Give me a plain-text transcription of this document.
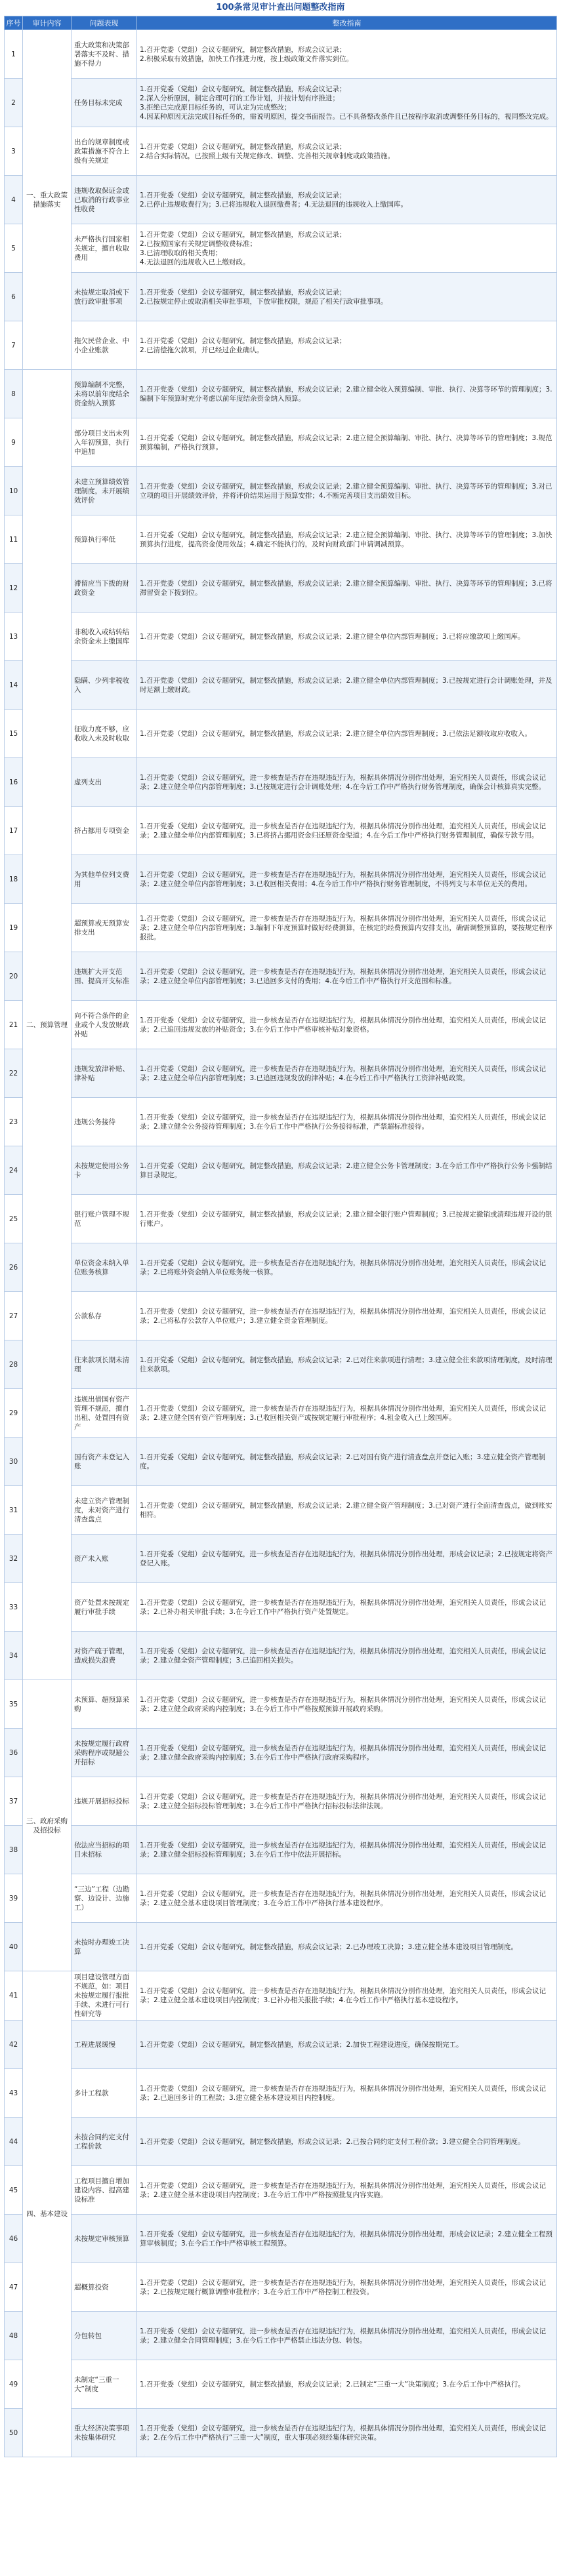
100条常见审计查出问题整改指南
序号	审计内容	问题表现	整改指南
1	一、重大政策措施落实	重大政策和决策部署落实不及时、措施不得力	1.召开党委（党组）会议专题研究，制定整改措施，形成会议记录；
2.积极采取有效措施，加快工作推进力度，按上级政策文件落实到位。
2		任务目标未完成	1.召开党委（党组）会议专题研究，制定整改措施，形成会议记录；
2.深入分析原因，制定合理可行的工作计划，并按计划有序推进；
3.拒绝已完成原目标任务的，可认定为完成整改；
4.因某种原因无法完成目标任务的，需说明原因，提交书面报告。已不具备整改条件且已按程序取消或调整任务目标的，视同整改完成。
3		出台的规章制度或政策措施不符合上级有关规定	1.召开党委（党组）会议专题研究，制定整改措施，形成会议记录；
2.结合实际情况，已按照上级有关规定修改、调整、完善相关规章制度或政策措施。
4		违规收取保证金或已取消的行政事业性收费	1.召开党委（党组）会议专题研究，制定整改措施，形成会议记录；
2.已停止违规收费行为；3.已将违规收入退回缴费者；4.无法退回的违规收入上缴国库。
5		未严格执行国家相关规定，擅自收取费用	1.召开党委（党组）会议专题研究，制定整改措施，形成会议记录；
2.已按照国家有关规定调整收费标准；
3.已清理收取的相关费用；
4.无法退回的违规收入已上缴财政。
6		未按规定取消或下放行政审批事项	1.召开党委（党组）会议专题研究，制定整改措施，形成会议记录；
2.已按规定停止或取消相关审批事项，下放审批权限，规范了相关行政审批事项。
7		拖欠民营企业、中小企业账款	1.召开党委（党组）会议专题研究，制定整改措施，形成会议记录；
2.已清偿拖欠款项，并已经过企业确认。
8	二、预算管理	预算编制不完整，未将以前年度结余资金纳入预算	1.召开党委（党组）会议专题研究，制定整改措施，形成会议记录；2.建立健全收入预算编制、审批、执行、决算等环节的管理制度；3.编制下年预算时充分考虑以前年度结余资金纳入预算。
9		部分项目支出未列入年初预算，执行中追加	1.召开党委（党组）会议专题研究，制定整改措施，形成会议记录；2.建立健全预算编制、审批、执行、决算等环节的管理制度；3.规范预算编制，严格执行预算。
10		未建立预算绩效管理制度，未开展绩效评价	1.召开党委（党组）会议专题研究，制定整改措施，形成会议记录；2.建立健全预算编制、审批、执行、决算等环节的管理制度；3.对已立项的项目开展绩效评价，并将评价结果运用于预算安排；4.不断完善项目支出绩效目标。
11		预算执行率低	1.召开党委（党组）会议专题研究，制定整改措施，形成会议记录；2.建立健全预算编制、审批、执行、决算等环节的管理制度；3.加快预算执行进度，提高资金使用效益；4.确定不能执行的，及时向财政部门申请调减预算。
12		滞留应当下拨的财政资金	1.召开党委（党组）会议专题研究，制定整改措施，形成会议记录；2.建立健全预算编制、审批、执行、决算等环节的管理制度；3.已将滞留资金下拨到位。
13		非税收入或结转结余资金未上缴国库	1.召开党委（党组）会议专题研究，制定整改措施，形成会议记录；2.建立健全单位内部管理制度；3.已将应缴款项上缴国库。
14		隐瞒、少列非税收入	1.召开党委（党组）会议专题研究，制定整改措施，形成会议记录；2.建立健全单位内部管理制度；3.已按规定进行会计调账处理，并及时足额上缴财政。
15		征收力度不够，应收收入未及时收取	1.召开党委（党组）会议专题研究，制定整改措施，形成会议记录；2.建立健全单位内部管理制度；3.已依法足额收取应收收入。
16		虚列支出	1.召开党委（党组）会议专题研究，进一步核查是否存在违规违纪行为，根据具体情况分别作出处理，追究相关人员责任，形成会议记录；2.建立健全单位内部管理制度；3.已按规定进行会计调账处理；4.在今后工作中严格执行财务管理制度，确保会计核算真实完整。
17		挤占挪用专项资金	1.召开党委（党组）会议专题研究，进一步核查是否存在违规违纪行为，根据具体情况分别作出处理，追究相关人员责任，形成会议记录；2.建立健全单位内部管理制度；3.已将挤占挪用资金归还原资金渠道；4.在今后工作中严格执行财务管理制度，确保专款专用。
18		为其他单位列支费用	1.召开党委（党组）会议专题研究，进一步核查是否存在违规违纪行为，根据具体情况分别作出处理，追究相关人员责任，形成会议记录；2.建立健全单位内部管理制度；3.已收回相关费用；4.在今后工作中严格执行财务管理制度，不得列支与本单位无关的费用。
19		超预算或无预算安排支出	1.召开党委（党组）会议专题研究，进一步核查是否存在违规违纪行为，根据具体情况分别作出处理，追究相关人员责任，形成会议记录；2.建立健全单位内部管理制度；3.编制下年度预算时做好经费测算，在核定的经费预算内安排支出，确需调整预算的，要按规定程序报批。
20		违规扩大开支范围、提高开支标准	1.召开党委（党组）会议专题研究，进一步核查是否存在违规违纪行为，根据具体情况分别作出处理，追究相关人员责任，形成会议记录；2.建立健全单位内部管理制度；3.已追回多支付的费用；4.在今后工作中严格执行开支范围和标准。
21		向不符合条件的企业或个人发放财政补贴	1.召开党委（党组）会议专题研究，进一步核查是否存在违规违纪行为，根据具体情况分别作出处理，追究相关人员责任，形成会议记录；2.已追回违规发放的补贴资金；3.在今后工作中严格审核补贴对象资格。
22		违规发放津补贴、津补贴	1.召开党委（党组）会议专题研究，进一步核查是否存在违规违纪行为，根据具体情况分别作出处理，追究相关人员责任，形成会议记录；2.建立健全单位内部管理制度；3.已追回违规发放的津补贴；4.在今后工作中严格执行工资津补贴政策。
23		违规公务接待	1.召开党委（党组）会议专题研究，进一步核查是否存在违规违纪行为，根据具体情况分别作出处理，追究相关人员责任，形成会议记录；2.建立健全公务接待管理制度；3.在今后工作中严格执行公务接待标准，严禁超标准接待。
24		未按规定使用公务卡	1.召开党委（党组）会议专题研究，制定整改措施，形成会议记录；2.建立健全公务卡管理制度；3.在今后工作中严格执行公务卡强制结算目录规定。
25		银行账户管理不规范	1.召开党委（党组）会议专题研究，制定整改措施，形成会议记录；2.建立健全银行账户管理制度；3.已按规定撤销或清理违规开设的银行账户。
26		单位资金未纳入单位账务核算	1.召开党委（党组）会议专题研究，进一步核查是否存在违规违纪行为，根据具体情况分别作出处理，追究相关人员责任，形成会议记录；2.已将账外资金纳入单位账务统一核算。
27		公款私存	1.召开党委（党组）会议专题研究，进一步核查是否存在违规违纪行为，根据具体情况分别作出处理，追究相关人员责任，形成会议记录；2.已将私存公款存入单位账户；3.建立健全资金管理制度。
28		往来款项长期未清理	1.召开党委（党组）会议专题研究，制定整改措施，形成会议记录；2.已对往来款项进行清理；3.建立健全往来款项清理制度，及时清理往来款项。
29		违规出借国有资产管理不规范，擅自出租、处置国有资产	1.召开党委（党组）会议专题研究，进一步核查是否存在违规违纪行为，根据具体情况分别作出处理，追究相关人员责任，形成会议记录；2.建立健全国有资产管理制度；3.已收回相关资产或按规定履行审批程序；4.租金收入已上缴国库。
30		国有资产未登记入账	1.召开党委（党组）会议专题研究，制定整改措施，形成会议记录；2.已对国有资产进行清查盘点并登记入账；3.建立健全资产管理制度。
31		未建立资产管理制度，未对资产进行清查盘点	1.召开党委（党组）会议专题研究，制定整改措施，形成会议记录；2.建立健全资产管理制度；3.已对资产进行全面清查盘点，做到账实相符。
32		资产未入账	1.召开党委（党组）会议专题研究，进一步核查是否存在违规违纪行为，根据具体情况分别作出处理，形成会议记录；2.已按规定将资产登记入账。
33		资产处置未按规定履行审批手续	1.召开党委（党组）会议专题研究，进一步核查是否存在违规违纪行为，根据具体情况分别作出处理，追究相关人员责任，形成会议记录；2.已补办相关审批手续；3.在今后工作中严格执行资产处置规定。
34		对资产疏于管理，造成损失浪费	1.召开党委（党组）会议专题研究，进一步核查是否存在违规违纪行为，根据具体情况分别作出处理，追究相关人员责任，形成会议记录；2.建立健全资产管理制度；3.已追回相关损失。
35	三、政府采购及招投标	未预算、超预算采购	1.召开党委（党组）会议专题研究，进一步核查是否存在违规违纪行为，根据具体情况分别作出处理，追究相关人员责任，形成会议记录；2.建立健全政府采购内控制度；3.在今后工作中严格按照预算开展政府采购。
36		未按规定履行政府采购程序或规避公开招标	1.召开党委（党组）会议专题研究，进一步核查是否存在违规违纪行为，根据具体情况分别作出处理，追究相关人员责任，形成会议记录；2.建立健全政府采购内控制度；3.在今后工作中严格执行政府采购程序。
37		违规开展招标投标	1.召开党委（党组）会议专题研究，进一步核查是否存在违规违纪行为，根据具体情况分别作出处理，追究相关人员责任，形成会议记录；2.建立健全招标投标管理制度；3.在今后工作中严格执行招标投标法律法规。
38		依法应当招标的项目未招标	1.召开党委（党组）会议专题研究，进一步核查是否存在违规违纪行为，根据具体情况分别作出处理，追究相关人员责任，形成会议记录；2.建立健全招标投标管理制度；3.在今后工作中依法开展招标。
39		“三边”工程（边勘察、边设计、边施工）	1.召开党委（党组）会议专题研究，进一步核查是否存在违规违纪行为，根据具体情况分别作出处理，追究相关人员责任，形成会议记录；2.建立健全基本建设项目管理制度；3.在今后工作中严格执行基本建设程序。
40		未按时办理竣工决算	1.召开党委（党组）会议专题研究，制定整改措施，形成会议记录；2.已办理竣工决算；3.建立健全基本建设项目管理制度。
41	四、基本建设	项目建设管理方面不规范，如：项目未按规定履行报批手续、未进行可行性研究等	1.召开党委（党组）会议专题研究，进一步核查是否存在违规违纪行为，根据具体情况分别作出处理，追究相关人员责任，形成会议记录；2.建立健全基本建设项目内控制度；3.已补办相关报批手续；4.在今后工作中严格执行基本建设程序。
42		工程进展缓慢	1.召开党委（党组）会议专题研究，制定整改措施，形成会议记录；2.加快工程建设进度，确保按期完工。
43		多计工程款	1.召开党委（党组）会议专题研究，进一步核查是否存在违规违纪行为，根据具体情况分别作出处理，追究相关人员责任，形成会议记录；2.已追回多计的工程款；3.建立健全基本建设项目内控制度。
44		未按合同约定支付工程价款	1.召开党委（党组）会议专题研究，制定整改措施，形成会议记录；2.已按合同约定支付工程价款；3.建立健全合同管理制度。
45		工程项目擅自增加建设内容、提高建设标准	1.召开党委（党组）会议专题研究，进一步核查是否存在违规违纪行为，根据具体情况分别作出处理，追究相关人员责任，形成会议记录；2.建立健全基本建设项目内控制度；3.在今后工作中严格按照批复内容实施。
46		未按规定审核预算	1.召开党委（党组）会议专题研究，进一步核查是否存在违规违纪行为，根据具体情况分别作出处理，形成会议记录；2.建立健全工程预算审核制度；3.在今后工作中严格审核工程预算。
47		超概算投资	1.召开党委（党组）会议专题研究，进一步核查是否存在违规违纪行为，根据具体情况分别作出处理，追究相关人员责任，形成会议记录；2.已按规定履行概算调整审批程序；3.在今后工作中严格控制工程投资。
48		分包转包	1.召开党委（党组）会议专题研究，进一步核查是否存在违规违纪行为，根据具体情况分别作出处理，追究相关人员责任，形成会议记录；2.建立健全合同管理制度；3.在今后工作中严格禁止违法分包、转包。
49		未制定“三重一大”制度	1.召开党委（党组）会议专题研究，制定整改措施，形成会议记录；2.已制定“三重一大”决策制度；3.在今后工作中严格执行。
50		重大经济决策事项未按集体研究	1.召开党委（党组）会议专题研究，进一步核查是否存在违规违纪行为，根据具体情况分别作出处理，追究相关人员责任，形成会议记录；2.在今后工作中严格执行“三重一大”制度，重大事项必须经集体研究决策。
